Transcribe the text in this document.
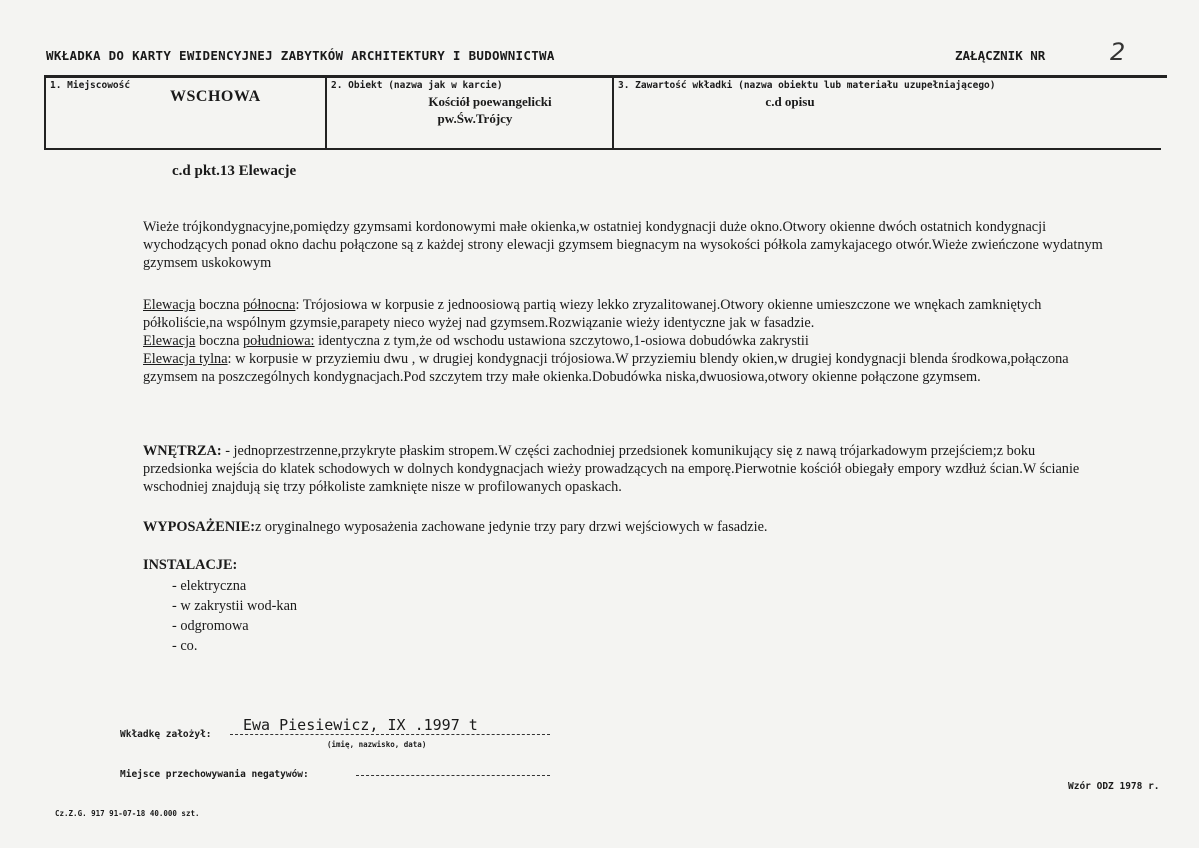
WKŁADKA DO KARTY EWIDENCYJNEJ ZABYTKÓW ARCHITEKTURY I BUDOWNICTWA	ZAŁĄCZNIK NR	2
1. Miejscowość
WSCHOWA
2. Obiekt (nazwa jak w karcie)
Kościół poewangelicki
pw.Św.Trójcy
3. Zawartość wkładki (nazwa obiektu lub materiału uzupełniającego)
c.d opisu
c.d pkt.13 Elewacje

Wieże trójkondygnacyjne,pomiędzy gzymsami kordonowymi małe okienka,w ostatniej kondygnacji duże okno.Otwory okienne dwóch ostatnich kondygnacji wychodzących ponad okno dachu połączone są z każdej strony elewacji gzymsem biegnacym na wysokości półkola zamykajacego otwór.Wieże zwieńczone wydatnym gzymsem uskokowym

Elewacja boczna północna: Trójosiowa w korpusie z jednoosiową partią wiezy lekko zryzalitowanej.Otwory okienne umieszczone we wnękach zamkniętych półkoliście,na wspólnym gzymsie,parapety nieco wyżej nad gzymsem.Rozwiązanie wieży identyczne jak w fasadzie.

Elewacja boczna południowa: identyczna z tym,że od wschodu ustawiona szczytowo,1-osiowa dobudówka zakrystii

Elewacja tylna: w korpusie w przyziemiu dwu , w drugiej kondygnacji trójosiowa.W przyziemiu blendy okien,w drugiej kondygnacji blenda środkowa,połączona gzymsem na poszczególnych kondygnacjach.Pod szczytem trzy małe okienka.Dobudówka niska,dwuosiowa,otwory okienne połączone gzymsem.

WNĘTRZA: - jednoprzestrzenne,przykryte płaskim stropem.W części zachodniej przedsionek komunikujący się z nawą trójarkadowym przejściem;z boku przedsionka wejścia do klatek schodowych w dolnych kondygnacjach wieży prowadzących na emporę.Pierwotnie kościół obiegały empory wzdłuż ścian.W ścianie wschodniej znajdują się trzy półkoliste zamknięte nisze w profilowanych opaskach.

WYPOSAŻENIE:z oryginalnego wyposażenia zachowane jedynie trzy pary drzwi wejściowych w fasadzie.

INSTALACJE:
- elektryczna
- w zakrystii wod-kan
- odgromowa
- co.
Wkładkę założył:
Ewa Piesiewicz, IX .1997 t
(imię, nazwisko, data)
Miejsce przechowywania negatywów:
Cz.Z.G. 917 91-07-18 40.000 szt.
Wzór ODZ 1978 r.
